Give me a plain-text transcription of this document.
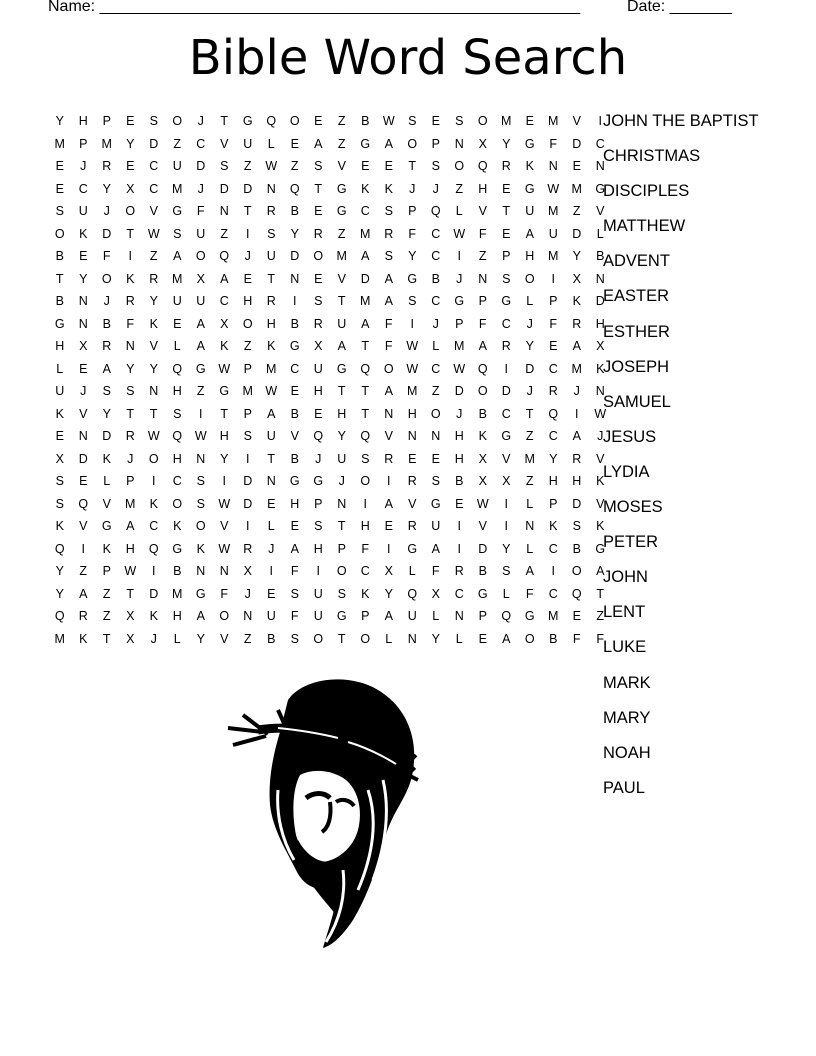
Name: ______________________________________________________	Date: _______
Bible Word Search
Y	H	P	E	S	O	J	T	G	Q	O	E	Z	B	W	S	E	S	O	M	E	M	V	I
M	P	M	Y	D	Z	C	V	U	L	E	A	Z	G	A	O	P	N	X	Y	G	F	D	C
E	J	R	E	C	U	D	S	Z	W	Z	S	V	E	E	T	S	O	Q	R	K	N	E	N
E	C	Y	X	C	M	J	D	D	N	Q	T	G	K	K	J	J	Z	H	E	G	W M	G
S	U	J	O	V	G	F	N	T	R	B	E	G	C	S	P	Q	L	V	T	U	M	Z	V
O	K	D	T	W	S	U	Z	I	S	Y	R	Z	M	R	F	C	W	F	E	A	U	D	L
B	E	F	I	Z	A	O	Q	J	U	D	O	M	A	S	Y	C	I	Z	P	H	M	Y	B
T	Y	O	K	R	M	X	A	E	T	N	E	V	D	A	G	B	J	N	S	O	I	X	N
B	N	J	R	Y	U	U	C	H	R	I	S	T	M	A	S	C	G	P	G	L	P	K	D
G	N	B	F	K	E	A	X	O	H	B	R	U	A	F	I	J	P	F	C	J	F	R	H
H	X	R	N	V	L	A	K	Z	K	G	X	A	T	F	W	L	M	A	R	Y	E	A	X
L	E	A	Y	Y	Q	G	W	P	M	C	U	G	Q	O	W	C	W	Q	I	D	C	M	K
U	J	S	S	N	H	Z	G	M W	E	H	T	T	A	M	Z	D	O	D	J	R	J	N
K	V	Y	T	T	S	I	T	P	A	B	E	H	T	N	H	O	J	B	C	T	Q	I	W
E	N	D	R	W	Q	W	H	S	U	V	Q	Y	Q	V	N	N	H	K	G	Z	C	A	J
X	D	K	J	O	H	N	Y	I	T	B	J	U	S	R	E	E	H	X	V	M	Y	R	V
S	E	L	P	I	C	S	I	D	N	G	G	J	O	I	R	S	B	X	X	Z	H	H	K
S	Q	V	M	K	O	S	W	D	E	H	P	N	I	A	V	G	E	W	I	L	P	D	V
K	V	G	A	C	K	O	V	I	L	E	S	T	H	E	R	U	I	V	I	N	K	S	K
Q	I	K	H	Q	G	K	W	R	J	A	H	P	F	I	G	A	I	D	Y	L	C	B	G
Y	Z	P	W	I	B	N	N	X	I	F	I	O	C	X	L	F	R	B	S	A	I	O	A
Y	A	Z	T	D	M	G	F	J	E	S	U	S	K	Y	Q	X	C	G	L	F	C	Q	T
Q	R	Z	X	K	H	A	O	N	U	F	U	G	P	A	U	L	N	P	Q	G	M	E	Z
M	K	T	X	J	L	Y	V	Z	B	S	O	T	O	L	N	Y	L	E	A	O	B	F	F
JOHN THE BAPTIST
CHRISTMAS
DISCIPLES
MATTHEW
ADVENT
EASTER
ESTHER
JOSEPH
SAMUEL
JESUS
LYDIA
MOSES
PETER
JOHN
LENT
LUKE
MARK
MARY
NOAH
PAUL
